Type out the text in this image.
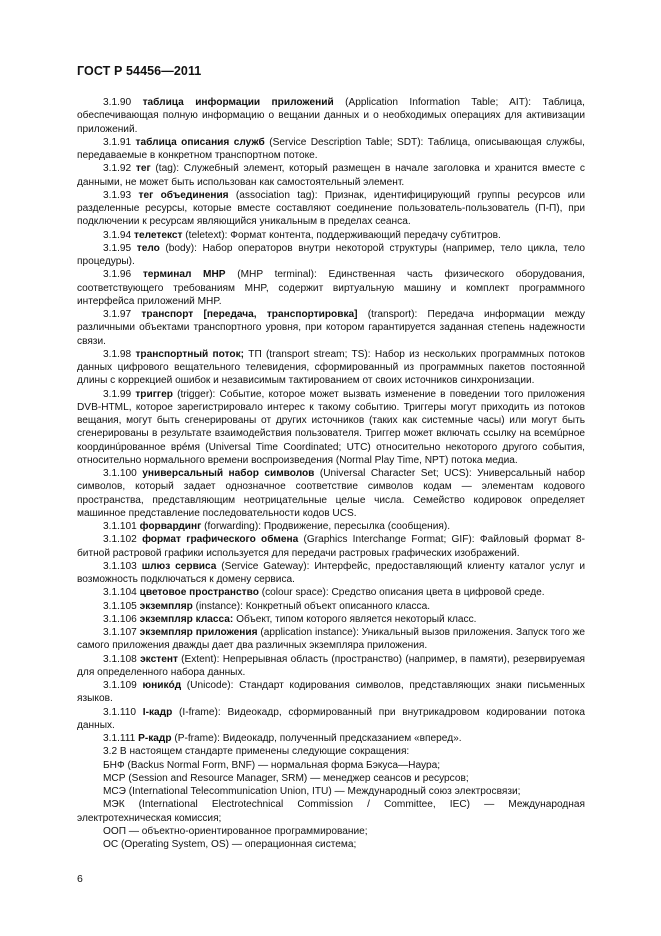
ГОСТ Р 54456—2011

3.1.90 таблица информации приложений (Application Information Table; AIT): Таблица, обеспечивающая полную информацию о вещании данных и о необходимых операциях для активизации приложений.

3.1.91 таблица описания служб (Service Description Table; SDT): Таблица, описывающая службы, передаваемые в конкретном транспортном потоке.

3.1.92 тег (tag): Служебный элемент, который размещен в начале заголовка и хранится вместе с данными, не может быть использован как самостоятельный элемент.

3.1.93 тег объединения (association tag): Признак, идентифицирующий группы ресурсов или разделенные ресурсы, которые вместе составляют соединение пользователь-пользователь (П-П), при подключении к ресурсам являющийся уникальным в пределах сеанса.

3.1.94 телетекст (teletext): Формат контента, поддерживающий передачу субтитров.

3.1.95 тело (body): Набор операторов внутри некоторой структуры (например, тело цикла, тело процедуры).

3.1.96 терминал MHP (MHP terminal): Единственная часть физического оборудования, соответствующего требованиям MHP, содержит виртуальную машину и комплект программного интерфейса приложений MHP.

3.1.97 транспорт [передача, транспортировка] (transport): Передача информации между различными объектами транспортного уровня, при котором гарантируется заданная степень надежности связи.

3.1.98 транспортный поток; ТП (transport stream; TS): Набор из нескольких программных потоков данных цифрового вещательного телевидения, сформированный из программных пакетов постоянной длины с коррекцией ошибок и независимым тактированием от своих источников синхронизации.

3.1.99 триггер (trigger): Событие, которое может вызвать изменение в поведении того приложения DVB-HTML, которое зарегистрировало интерес к такому событию. Триггеры могут приходить из потоков вещания, могут быть сгенерированы от других источников (таких как системные часы) или могут быть сгенерированы в результате взаимодействия пользователя. Триггер может включать ссылку на всемúрное координúрованное врéмя (Universal Time Coordinated; UTC) относительно некоторого другого события, относительно нормального времени воспроизведения (Normal Play Time, NPT) потока медиа.

3.1.100 универсальный набор символов (Universal Character Set; UCS): Универсальный набор символов, который задает однозначное соответствие символов кодам — элементам кодового пространства, представляющим неотрицательные целые числа. Семейство кодировок определяет машинное представление последовательности кодов UCS.

3.1.101 форвардинг (forwarding): Продвижение, пересылка (сообщения).

3.1.102 формат графического обмена (Graphics Interchange Format; GIF): Файловый формат 8-битной растровой графики используется для передачи растровых графических изображений.

3.1.103 шлюз сервиса (Service Gateway): Интерфейс, предоставляющий клиенту каталог услуг и возможность подключаться к домену сервиса.

3.1.104 цветовое пространство (colour space): Средство описания цвета в цифровой среде.

3.1.105 экземпляр (instance): Конкретный объект описанного класса.

3.1.106 экземпляр класса: Объект, типом которого является некоторый класс.

3.1.107 экземпляр приложения (application instance): Уникальный вызов приложения. Запуск того же самого приложения дважды дает два различных экземпляра приложения.

3.1.108 экстент (Extent): Непрерывная область (пространство) (например, в памяти), резервируемая для определенного набора данных.

3.1.109 юникóд (Unicode): Стандарт кодирования символов, представляющих знаки письменных языков.

3.1.110 I-кадр (I-frame): Видеокадр, сформированный при внутрикадровом кодировании потока данных.

3.1.111 Р-кадр (P-frame): Видеокадр, полученный предсказанием «вперед».

3.2 В настоящем стандарте применены следующие сокращения:

БНФ (Backus Normal Form, BNF) — нормальная форма Бэкуса—Наура;

МСР (Session and Resource Manager, SRM) — менеджер сеансов и ресурсов;

МСЭ (International Telecommunication Union, ITU) — Международный союз электросвязи;

МЭК (International Electrotechnical Commission / Committee, IEC) — Международная электротехническая комиссия;

ООП — объектно-ориентированное программирование;

ОС (Operating System, OS) — операционная система;

6
